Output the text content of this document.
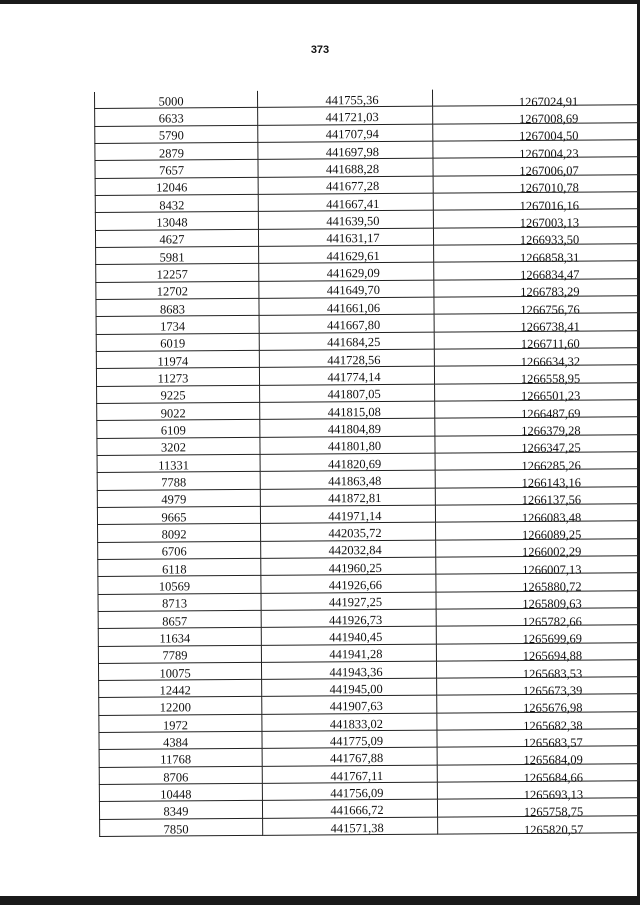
373
5000	441755,36	1267024,91

6633	441721,03	1267008,69

5790	441707,94	1267004,50

2879	441697,98	1267004,23

7657	441688,28	1267006,07

12046	441677,28	1267010,78

8432	441667,41	1267016,16

13048	441639,50	1267003,13

4627	441631,17	1266933,50

5981	441629,61	1266858,31

12257	441629,09	1266834,47

12702	441649,70	1266783,29

8683	441661,06	1266756,76

1734	441667,80	1266738,41

6019	441684,25	1266711,60

11974	441728,56	1266634,32

11273	441774,14	1266558,95

9225	441807,05	1266501,23

9022	441815,08	1266487,69

6109	441804,89	1266379,28

3202	441801,80	1266347,25

11331	441820,69	1266285,26

7788	441863,48	1266143,16

4979	441872,81	1266137,56

9665	441971,14	1266083,48

8092	442035,72	1266089,25

6706	442032,84	1266002,29

6118	441960,25	1266007,13

10569	441926,66	1265880,72

8713	441927,25	1265809,63

8657	441926,73	1265782,66

11634	441940,45	1265699,69

7789	441941,28	1265694,88

10075	441943,36	1265683,53

12442	441945,00	1265673,39

12200	441907,63	1265676,98

1972	441833,02	1265682,38

4384	441775,09	1265683,57

11768	441767,88	1265684,09

8706	441767,11	1265684,66

10448	441756,09	1265693,13

8349	441666,72	1265758,75

7850	441571,38	1265820,57
